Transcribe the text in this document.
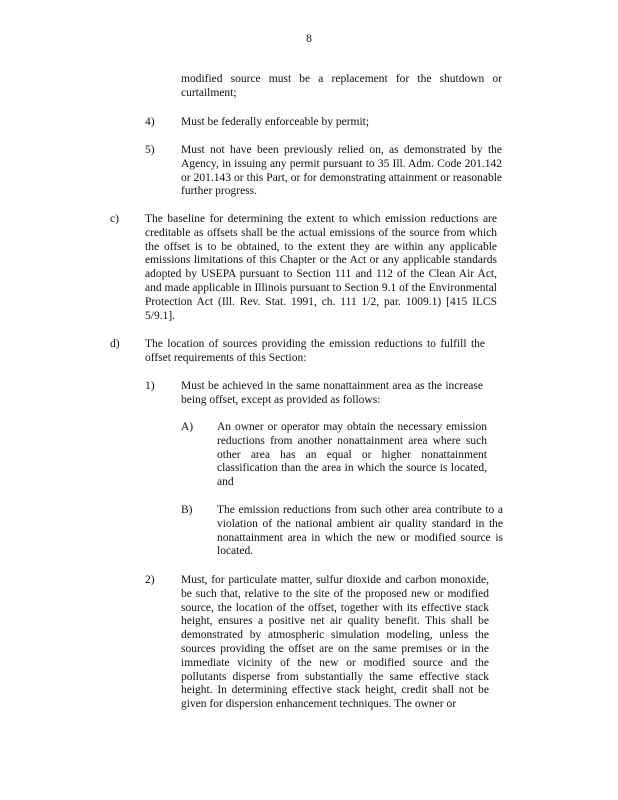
8
modified source must be a replacement for the shutdown or curtailment;
4) Must be federally enforceable by permit;
5) Must not have been previously relied on, as demonstrated by the Agency, in issuing any permit pursuant to 35 Ill. Adm. Code 201.142 or 201.143 or this Part, or for demonstrating attainment or reasonable further progress.
c) The baseline for determining the extent to which emission reductions are creditable as offsets shall be the actual emissions of the source from which the offset is to be obtained, to the extent they are within any applicable emissions limitations of this Chapter or the Act or any applicable standards adopted by USEPA pursuant to Section 111 and 112 of the Clean Air Act, and made applicable in Illinois pursuant to Section 9.1 of the Environmental Protection Act (Ill. Rev. Stat. 1991, ch. 111 1/2, par. 1009.1) [415 ILCS 5/9.1].
d) The location of sources providing the emission reductions to fulfill the offset requirements of this Section:
1) Must be achieved in the same nonattainment area as the increase being offset, except as provided as follows:
A) An owner or operator may obtain the necessary emission reductions from another nonattainment area where such other area has an equal or higher nonattainment classification than the area in which the source is located, and
B) The emission reductions from such other area contribute to a violation of the national ambient air quality standard in the nonattainment area in which the new or modified source is located.
2) Must, for particulate matter, sulfur dioxide and carbon monoxide, be such that, relative to the site of the proposed new or modified source, the location of the offset, together with its effective stack height, ensures a positive net air quality benefit. This shall be demonstrated by atmospheric simulation modeling, unless the sources providing the offset are on the same premises or in the immediate vicinity of the new or modified source and the pollutants disperse from substantially the same effective stack height. In determining effective stack height, credit shall not be given for dispersion enhancement techniques. The owner or
